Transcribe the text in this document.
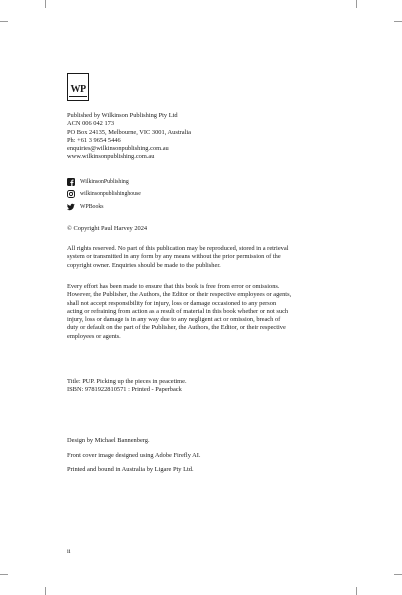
WP
Published by Wilkinson Publishing Pty Ltd
ACN 006 042 173
PO Box 24135, Melbourne, VIC 3001, Australia
Ph: +61 3 9654 5446
enquiries@wilkinsonpublishing.com.au
www.wilkinsonpublishing.com.au
WilkinsonPublishing
wilkinsonpublishinghouse
WPBooks
© Copyright Paul Harvey 2024
All rights reserved. No part of this publication may be reproduced, stored in a retrieval
system or transmitted in any form by any means without the prior permission of the
copyright owner. Enquiries should be made to the publisher.
Every effort has been made to ensure that this book is free from error or omissions.
However, the Publisher, the Authors, the Editor or their respective employees or agents,
shall not accept responsibility for injury, loss or damage occasioned to any person
acting or refraining from action as a result of material in this book whether or not such
injury, loss or damage is in any way due to any negligent act or omission, breach of
duty or default on the part of the Publisher, the Authors, the Editor, or their respective
employees or agents.
Title: PUP. Picking up the pieces in peacetime.
ISBN: 9781922810571 : Printed - Paperback
Design by Michael Bannenberg.
Front cover image designed using Adobe Firefly AI.
Printed and bound in Australia by Ligare Pty Ltd.
ii
